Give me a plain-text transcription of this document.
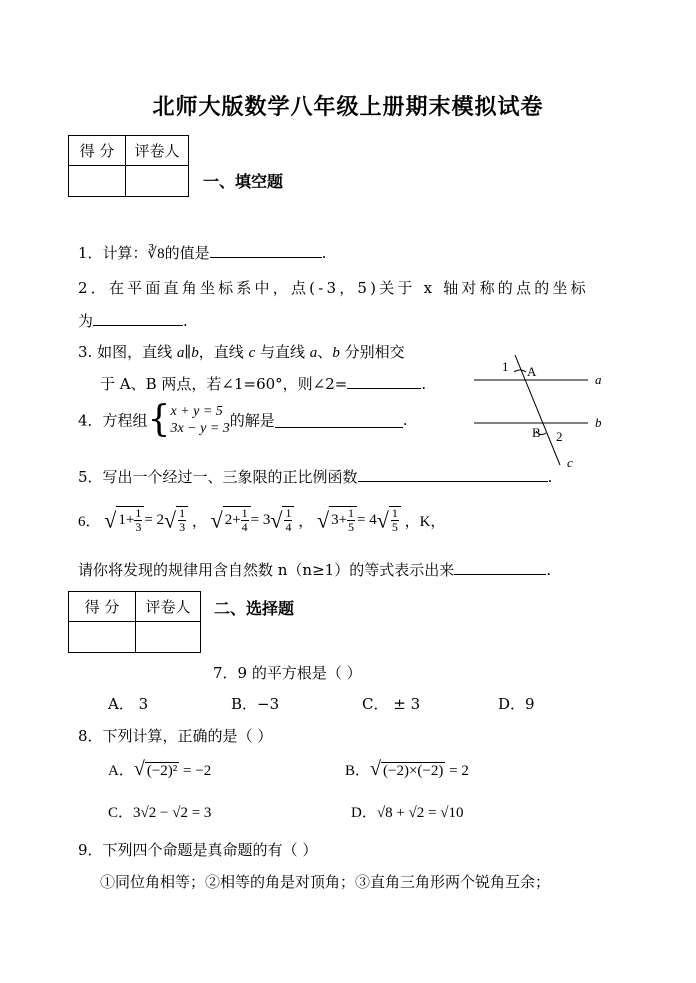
北师大版数学八年级上册期末模拟试卷
得 分	评卷人

一、填空题
1．计算：∛8的值是	.
2．在平面直角坐标系中，点(-3，5)关于 x 轴对称的点的坐标
为	.
3. 如图，直线 a∥b，直线 c 与直线 a、b 分别相交
于 A、B 两点，若∠1=60°，则∠2=	.
1 A
a
b
B 2
c
4．方程组{ x + y = 5
3x − y = 3 的解是	.
5．写出一个经过一、三象限的正比例函数	.
6． √ $1+ \frac{1}{3} = 2√ \frac{1}{3}$ ， √ $2+ \frac{1}{4} = 3√ \frac{1}{4}$ ， √ $3+ \frac{1}{5} = 4√ \frac{1}{5}$ ，K，
请你将发现的规律用含自然数 n（n≥1）的等式表示出来	.
得 分	评卷人
	二、选择题
7．9 的平方根是（ ）
A． 3	B．−3	C． ± 3	D．9
8．下列计算，正确的是（ ）
A．√ (−2)² = −2	B．√ (−2)×(−2) = 2
C．3√2 − √2 = 3	D．√8 + √2 = √10
9．下列四个命题是真命题的有（ ）
①同位角相等；②相等的角是对顶角；③直角三角形两个锐角互余；
